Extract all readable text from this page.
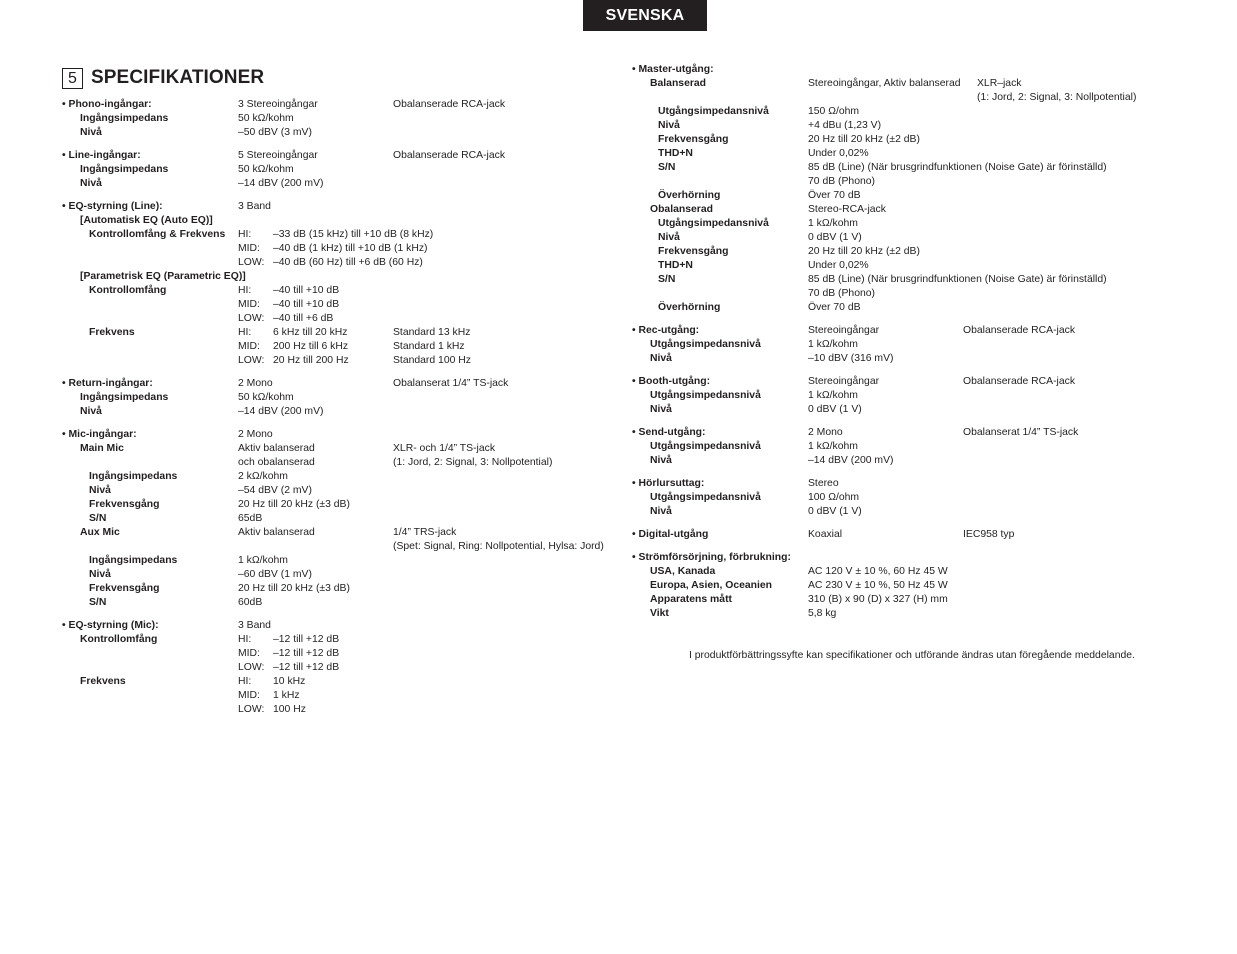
SVENSKA
5 SPECIFIKATIONER
• Phono-ingångar:	3 Stereoingångar	Obalanserade RCA-jack
Ingångsimpedans	50 kΩ/kohm
Nivå	–50 dBV (3 mV)
• Line-ingångar:	5 Stereoingångar	Obalanserade RCA-jack
Ingångsimpedans	50 kΩ/kohm
Nivå	–14 dBV (200 mV)
• EQ-styrning (Line):	3 Band
[Automatisk EQ (Auto EQ)]
Kontrollomfång & Frekvens HI: –33 dB (15 kHz) till +10 dB (8 kHz)
MID: –40 dB (1 kHz) till +10 dB (1 kHz)
LOW: –40 dB (60 Hz) till +6 dB (60 Hz)
[Parametrisk EQ (Parametric EQ)]
Kontrollomfång	HI: –40 till +10 dB
MID: –40 till +10 dB
LOW: –40 till +6 dB
Frekvens	HI: 6 kHz till 20 kHz	Standard 13 kHz
MID: 200 Hz till 6 kHz	Standard 1 kHz
LOW: 20 Hz till 200 Hz	Standard 100 Hz
• Return-ingångar:	2 Mono	Obalanserat 1/4” TS-jack
Ingångsimpedans	50 kΩ/kohm
Nivå	–14 dBV (200 mV)
• Mic-ingångar:	2 Mono
Main Mic	Aktiv balanserad	XLR- och 1/4” TS-jack
och obalanserad	(1: Jord, 2: Signal, 3: Nollpotential)
Ingångsimpedans	2 kΩ/kohm
Nivå	–54 dBV (2 mV)
Frekvensgång	20 Hz till 20 kHz (±3 dB)
S/N	65dB
Aux Mic	Aktiv balanserad	1/4” TRS-jack
(Spet: Signal, Ring: Nollpotential, Hylsa: Jord)
Ingångsimpedans	1 kΩ/kohm
Nivå	–60 dBV (1 mV)
Frekvensgång	20 Hz till 20 kHz (±3 dB)
S/N	60dB
• EQ-styrning (Mic):	3 Band
Kontrollomfång	HI: –12 till +12 dB
MID: –12 till +12 dB
LOW: –12 till +12 dB
Frekvens	HI: 10 kHz
MID: 1 kHz
LOW: 100 Hz
• Master-utgång:
Balanserad	Stereoingångar, Aktiv balanserad XLR–jack
(1: Jord, 2: Signal, 3: Nollpotential)
Utgångsimpedansnivå	150 Ω/ohm
Nivå	+4 dBu (1,23 V)
Frekvensgång	20 Hz till 20 kHz (±2 dB)
THD+N	Under 0,02%
S/N	85 dB (Line) (När brusgrindfunktionen (Noise Gate) är förinställd)
70 dB (Phono)
Överhörning	Över 70 dB
Obalanserad	Stereo-RCA-jack
Utgångsimpedansnivå	1 kΩ/kohm
Nivå	0 dBV (1 V)
Frekvensgång	20 Hz till 20 kHz (±2 dB)
THD+N	Under 0,02%
S/N	85 dB (Line) (När brusgrindfunktionen (Noise Gate) är förinställd)
70 dB (Phono)
Överhörning	Över 70 dB
• Rec-utgång:	Stereoingångar	Obalanserade RCA-jack
Utgångsimpedansnivå	1 kΩ/kohm
Nivå	–10 dBV (316 mV)
• Booth-utgång:	Stereoingångar	Obalanserade RCA-jack
Utgångsimpedansnivå	1 kΩ/kohm
Nivå	0 dBV (1 V)
• Send-utgång:	2 Mono	Obalanserat 1/4” TS-jack
Utgångsimpedansnivå	1 kΩ/kohm
Nivå	–14 dBV (200 mV)
• Hörlursuttag:	Stereo
Utgångsimpedansnivå	100 Ω/ohm
Nivå	0 dBV (1 V)
• Digital-utgång	Koaxial	IEC958 typ
• Strömförsörjning, förbrukning:
USA, Kanada	AC 120 V ± 10 %, 60 Hz 45 W
Europa, Asien, Oceanien	AC 230 V ± 10 %, 50 Hz 45 W
Apparatens mått	310 (B) x 90 (D) x 327 (H) mm
Vikt	5,8 kg
I produktförbättringssyfte kan specifikationer och utförande ändras utan föregående meddelande.
